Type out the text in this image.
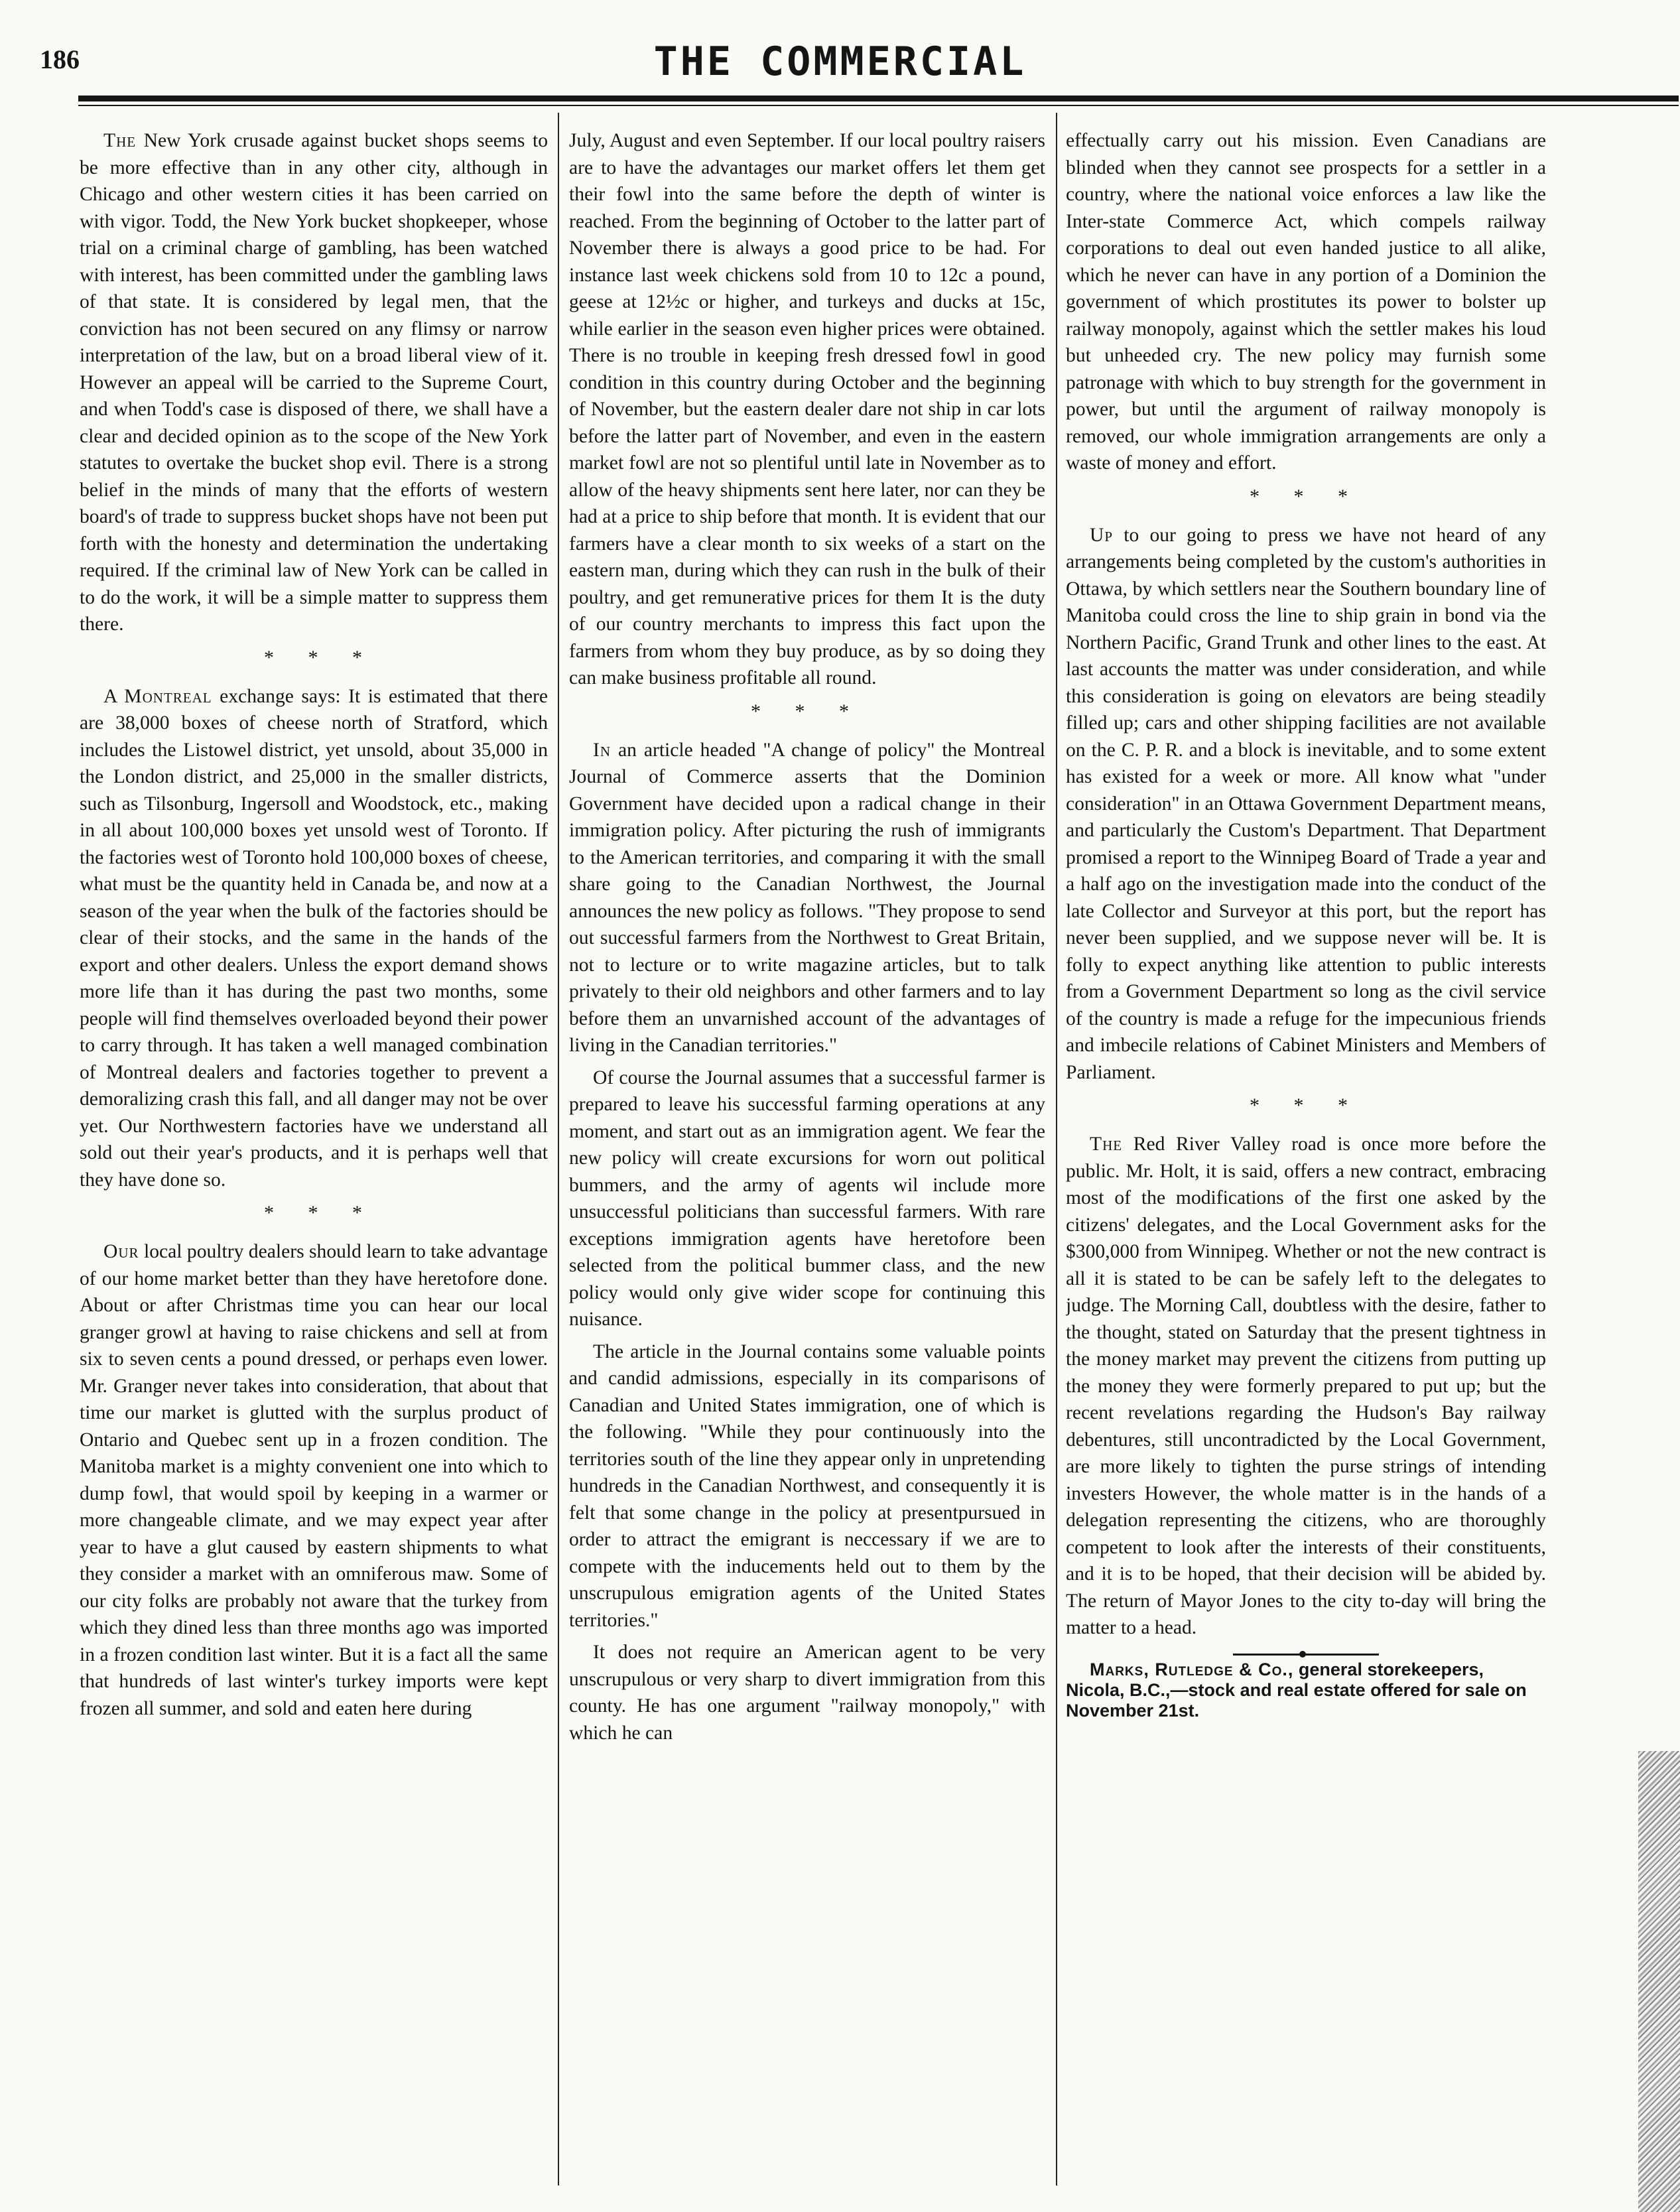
186	THE COMMERCIAL

The New York crusade against bucket shops seems to be more effective than in any other city, although in Chicago and other western cities it has been carried on with vigor. Todd, the New York bucket shopkeeper, whose trial on a criminal charge of gambling, has been watched with interest, has been committed under the gambling laws of that state. It is considered by legal men, that the conviction has not been secured on any flimsy or narrow interpretation of the law, but on a broad liberal view of it. However an appeal will be carried to the Supreme Court, and when Todd's case is disposed of there, we shall have a clear and decided opinion as to the scope of the New York statutes to overtake the bucket shop evil. There is a strong belief in the minds of many that the efforts of western board's of trade to suppress bucket shops have not been put forth with the honesty and determination the undertaking required. If the criminal law of New York can be called in to do the work, it will be a simple matter to suppress them there.

* * *

A Montreal exchange says: It is estimated that there are 38,000 boxes of cheese north of Stratford, which includes the Listowel district, yet unsold, about 35,000 in the London district, and 25,000 in the smaller districts, such as Tilsonburg, Ingersoll and Woodstock, etc., making in all about 100,000 boxes yet unsold west of Toronto. If the factories west of Toronto hold 100,000 boxes of cheese, what must be the quantity held in Canada be, and now at a season of the year when the bulk of the factories should be clear of their stocks, and the same in the hands of the export and other dealers. Unless the export demand shows more life than it has during the past two months, some people will find themselves overloaded beyond their power to carry through. It has taken a well managed combination of Montreal dealers and factories together to prevent a demoralizing crash this fall, and all danger may not be over yet. Our Northwestern factories have we understand all sold out their year's products, and it is perhaps well that they have done so.

* * *

Our local poultry dealers should learn to take advantage of our home market better than they have heretofore done. About or after Christmas time you can hear our local granger growl at having to raise chickens and sell at from six to seven cents a pound dressed, or perhaps even lower. Mr. Granger never takes into consideration, that about that time our market is glutted with the surplus product of Ontario and Quebec sent up in a frozen condition. The Manitoba market is a mighty convenient one into which to dump fowl, that would spoil by keeping in a warmer or more changeable climate, and we may expect year after year to have a glut caused by eastern shipments to what they consider a market with an omniferous maw. Some of our city folks are probably not aware that the turkey from which they dined less than three months ago was imported in a frozen condition last winter. But it is a fact all the same that hundreds of last winter's turkey imports were kept frozen all summer, and sold and eaten here during

July, August and even September. If our local poultry raisers are to have the advantages our market offers let them get their fowl into the same before the depth of winter is reached. From the beginning of October to the latter part of November there is always a good price to be had. For instance last week chickens sold from 10 to 12c a pound, geese at 12½c or higher, and turkeys and ducks at 15c, while earlier in the season even higher prices were obtained. There is no trouble in keeping fresh dressed fowl in good condition in this country during October and the beginning of November, but the eastern dealer dare not ship in car lots before the latter part of November, and even in the eastern market fowl are not so plentiful until late in November as to allow of the heavy shipments sent here later, nor can they be had at a price to ship before that month. It is evident that our farmers have a clear month to six weeks of a start on the eastern man, during which they can rush in the bulk of their poultry, and get remunerative prices for them It is the duty of our country merchants to impress this fact upon the farmers from whom they buy produce, as by so doing they can make business profitable all round.

* * *

In an article headed "A change of policy" the Montreal Journal of Commerce asserts that the Dominion Government have decided upon a radical change in their immigration policy. After picturing the rush of immigrants to the American territories, and comparing it with the small share going to the Canadian Northwest, the Journal announces the new policy as follows. "They propose to send out successful farmers from the Northwest to Great Britain, not to lecture or to write magazine articles, but to talk privately to their old neighbors and other farmers and to lay before them an unvarnished account of the advantages of living in the Canadian territories."

Of course the Journal assumes that a successful farmer is prepared to leave his successful farming operations at any moment, and start out as an immigration agent. We fear the new policy will create excursions for worn out political bummers, and the army of agents wil include more unsuccessful politicians than successful farmers. With rare exceptions immigration agents have heretofore been selected from the political bummer class, and the new policy would only give wider scope for continuing this nuisance.

The article in the Journal contains some valuable points and candid admissions, especially in its comparisons of Canadian and United States immigration, one of which is the following. "While they pour continuously into the territories south of the line they appear only in unpretending hundreds in the Canadian Northwest, and consequently it is felt that some change in the policy at presentpursued in order to attract the emigrant is neccessary if we are to compete with the inducements held out to them by the unscrupulous emigration agents of the United States territories."

It does not require an American agent to be very unscrupulous or very sharp to divert immigration from this county. He has one argument "railway monopoly," with which he can

effectually carry out his mission. Even Canadians are blinded when they cannot see prospects for a settler in a country, where the national voice enforces a law like the Inter-state Commerce Act, which compels railway corporations to deal out even handed justice to all alike, which he never can have in any portion of a Dominion the government of which prostitutes its power to bolster up railway monopoly, against which the settler makes his loud but unheeded cry. The new policy may furnish some patronage with which to buy strength for the government in power, but until the argument of railway monopoly is removed, our whole immigration arrangements are only a waste of money and effort.

* * *

Up to our going to press we have not heard of any arrangements being completed by the custom's authorities in Ottawa, by which settlers near the Southern boundary line of Manitoba could cross the line to ship grain in bond via the Northern Pacific, Grand Trunk and other lines to the east. At last accounts the matter was under consideration, and while this consideration is going on elevators are being steadily filled up; cars and other shipping facilities are not available on the C. P. R. and a block is inevitable, and to some extent has existed for a week or more. All know what "under consideration" in an Ottawa Government Department means, and particularly the Custom's Department. That Department promised a report to the Winnipeg Board of Trade a year and a half ago on the investigation made into the conduct of the late Collector and Surveyor at this port, but the report has never been supplied, and we suppose never will be. It is folly to expect anything like attention to public interests from a Government Department so long as the civil service of the country is made a refuge for the impecunious friends and imbecile relations of Cabinet Ministers and Members of Parliament.

* * *

The Red River Valley road is once more before the public. Mr. Holt, it is said, offers a new contract, embracing most of the modifications of the first one asked by the citizens' delegates, and the Local Government asks for the $300,000 from Winnipeg. Whether or not the new contract is all it is stated to be can be safely left to the delegates to judge. The Morning Call, doubtless with the desire, father to the thought, stated on Saturday that the present tightness in the money market may prevent the citizens from putting up the money they were formerly prepared to put up; but the recent revelations regarding the Hudson's Bay railway debentures, still uncontradicted by the Local Government, are more likely to tighten the purse strings of intending investers However, the whole matter is in the hands of a delegation representing the citizens, who are thoroughly competent to look after the interests of their constituents, and it is to be hoped, that their decision will be abided by. The return of Mayor Jones to the city to-day will bring the matter to a head.

Marks, Rutledge & Co., general storekeepers, Nicola, B.C.,—stock and real estate offered for sale on November 21st.
